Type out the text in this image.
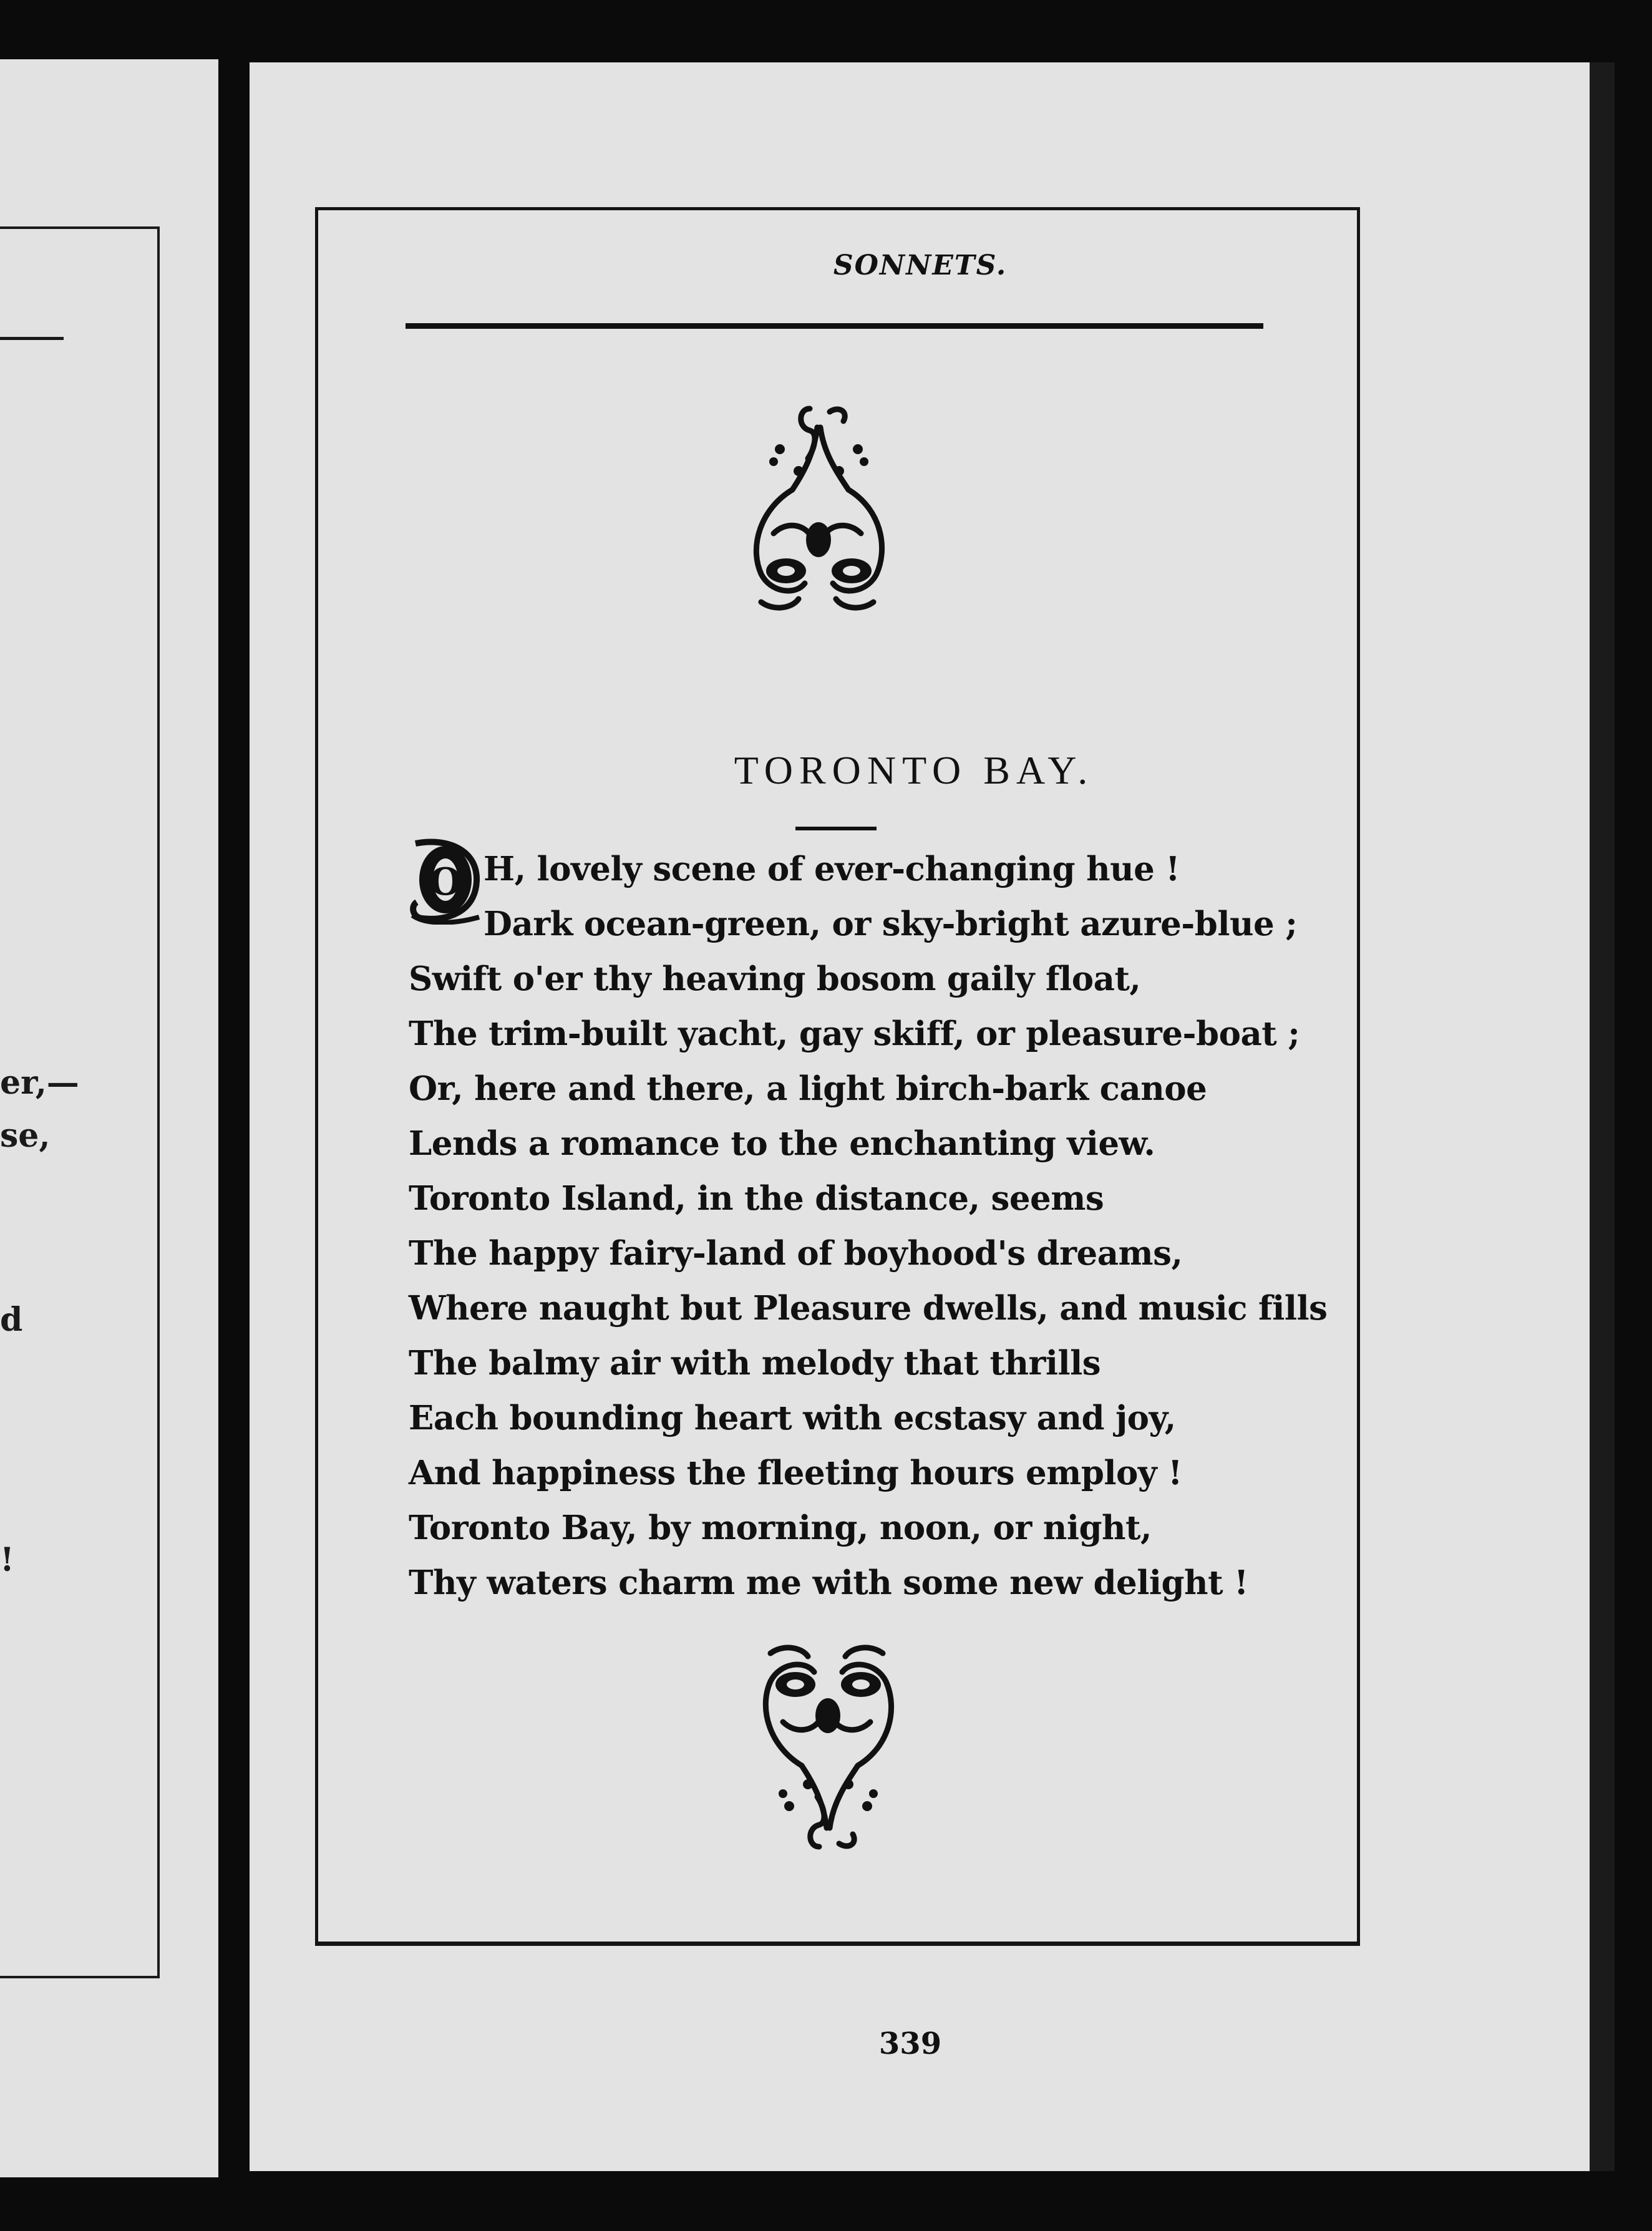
er,—
se,
d
!
SONNETS.
TORONTO BAY.
O H, lovely scene of ever-changing hue !
Dark ocean-green, or sky-bright azure-blue ;
Swift o'er thy heaving bosom gaily float,
The trim-built yacht, gay skiff, or pleasure-boat ;
Or, here and there, a light birch-bark canoe
Lends a romance to the enchanting view.
Toronto Island, in the distance, seems
The happy fairy-land of boyhood's dreams,
Where naught but Pleasure dwells, and music fills
The balmy air with melody that thrills
Each bounding heart with ecstasy and joy,
And happiness the fleeting hours employ !
Toronto Bay, by morning, noon, or night,
Thy waters charm me with some new delight !
339
